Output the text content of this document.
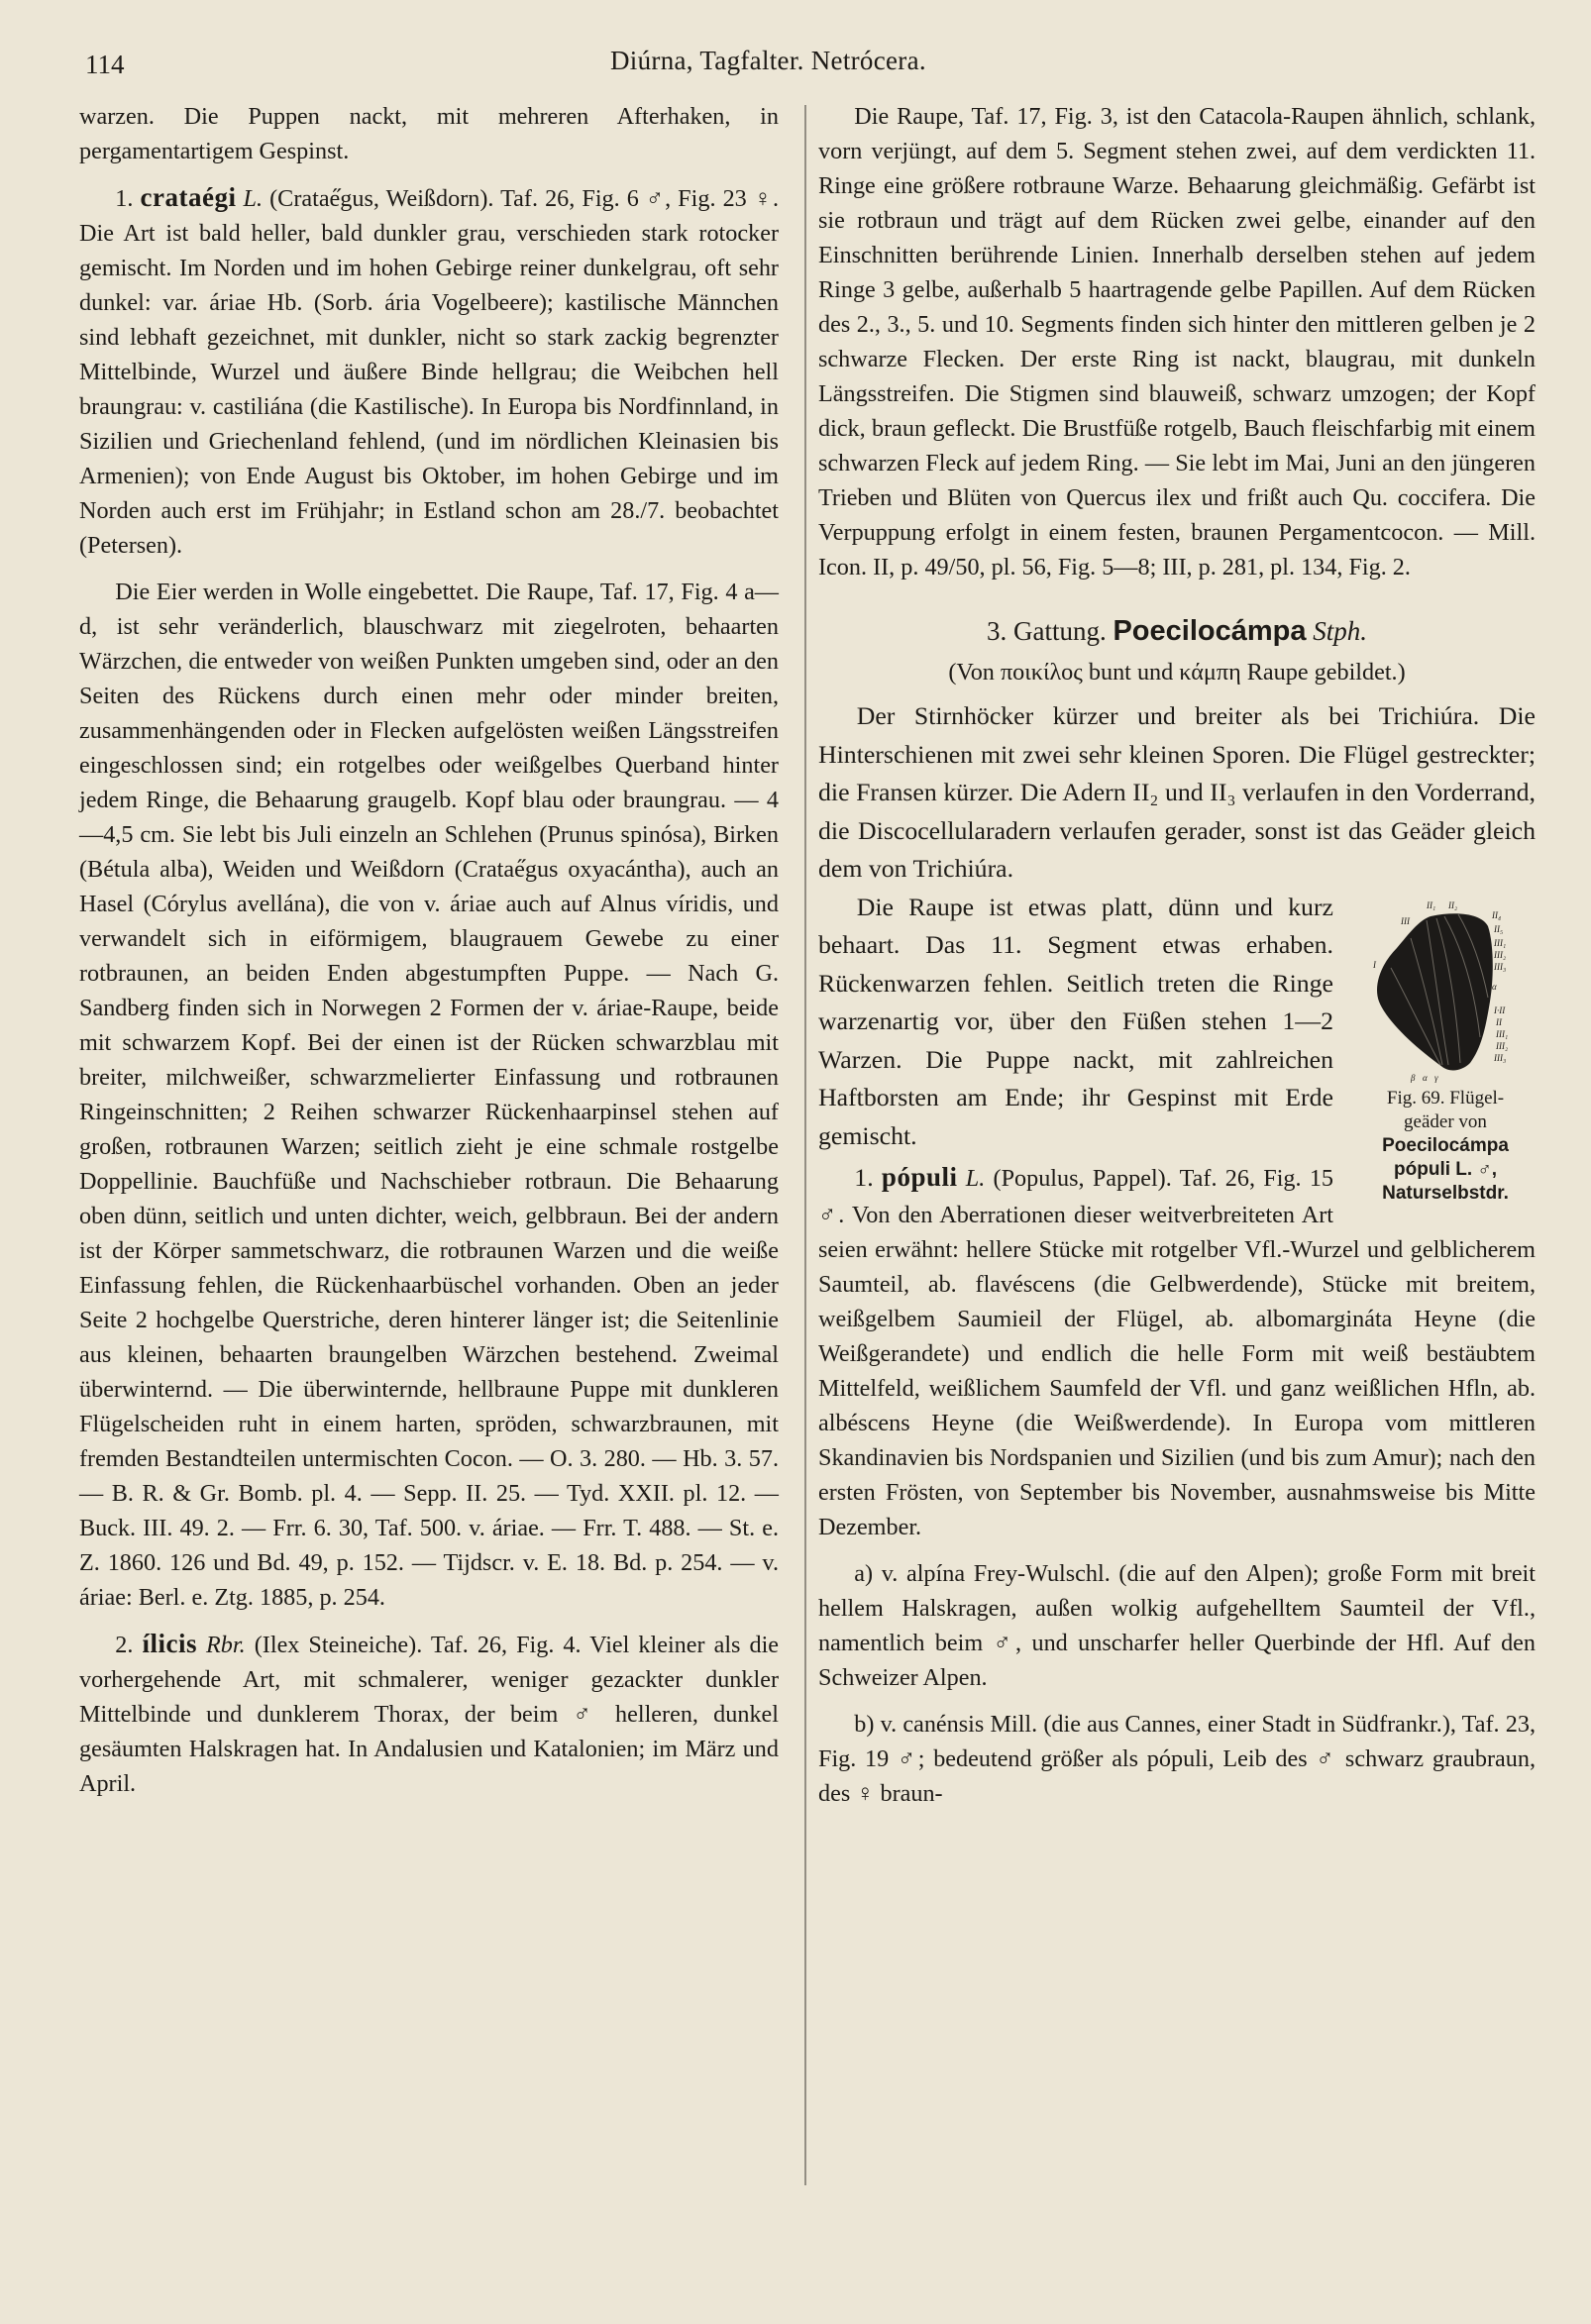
114	Diúrna, Tagfalter. Netrócera.

warzen. Die Puppen nackt, mit mehreren Afterhaken, in pergamentartigem Gespinst.

1. crataégi L. (Cratae̋gus, Weißdorn). Taf. 26, Fig. 6 ♂, Fig. 23 ♀. Die Art ist bald heller, bald dunkler grau, verschieden stark rotocker gemischt. Im Norden und im hohen Gebirge reiner dunkelgrau, oft sehr dunkel: var. áriae Hb. (Sorb. ária Vogelbeere); kastilische Männchen sind lebhaft gezeichnet, mit dunkler, nicht so stark zackig begrenzter Mittelbinde, Wurzel und äußere Binde hellgrau; die Weibchen hell braungrau: v. castiliána (die Kastilische). In Europa bis Nordfinnland, in Sizilien und Griechenland fehlend, (und im nördlichen Kleinasien bis Armenien); von Ende August bis Oktober, im hohen Gebirge und im Norden auch erst im Frühjahr; in Estland schon am 28./7. beobachtet (Petersen).

Die Eier werden in Wolle eingebettet. Die Raupe, Taf. 17, Fig. 4 a—d, ist sehr veränderlich, blauschwarz mit ziegelroten, behaarten Wärzchen, die entweder von weißen Punkten umgeben sind, oder an den Seiten des Rückens durch einen mehr oder minder breiten, zusammenhängenden oder in Flecken aufgelösten weißen Längsstreifen eingeschlossen sind; ein rotgelbes oder weißgelbes Querband hinter jedem Ringe, die Behaarung graugelb. Kopf blau oder braungrau. — 4—4,5 cm. Sie lebt bis Juli einzeln an Schlehen (Prunus spinósa), Birken (Bétula alba), Weiden und Weißdorn (Cratae̋gus oxyacántha), auch an Hasel (Córylus avellána), die von v. áriae auch auf Alnus víridis, und verwandelt sich in eiförmigem, blaugrauem Gewebe zu einer rotbraunen, an beiden Enden abgestumpften Puppe. — Nach G. Sandberg finden sich in Norwegen 2 Formen der v. áriae-Raupe, beide mit schwarzem Kopf. Bei der einen ist der Rücken schwarzblau mit breiter, milchweißer, schwarzmelierter Einfassung und rotbraunen Ringeinschnitten; 2 Reihen schwarzer Rückenhaarpinsel stehen auf großen, rotbraunen Warzen; seitlich zieht je eine schmale rostgelbe Doppellinie. Bauchfüße und Nachschieber rotbraun. Die Behaarung oben dünn, seitlich und unten dichter, weich, gelbbraun. Bei der andern ist der Körper sammetschwarz, die rotbraunen Warzen und die weiße Einfassung fehlen, die Rückenhaarbüschel vorhanden. Oben an jeder Seite 2 hochgelbe Querstriche, deren hinterer länger ist; die Seitenlinie aus kleinen, behaarten braungelben Wärzchen bestehend. Zweimal überwinternd. — Die überwinternde, hellbraune Puppe mit dunkleren Flügelscheiden ruht in einem harten, spröden, schwarzbraunen, mit fremden Bestandteilen untermischten Cocon. — O. 3. 280. — Hb. 3. 57. — B. R. & Gr. Bomb. pl. 4. — Sepp. II. 25. — Tyd. XXII. pl. 12. — Buck. III. 49. 2. — Frr. 6. 30, Taf. 500. v. áriae. — Frr. T. 488. — St. e. Z. 1860. 126 und Bd. 49, p. 152. — Tijdscr. v. E. 18. Bd. p. 254. — v. áriae: Berl. e. Ztg. 1885, p. 254.

2. ílicis Rbr. (Ilex Steineiche). Taf. 26, Fig. 4. Viel kleiner als die vorhergehende Art, mit schmalerer, weniger gezackter dunkler Mittelbinde und dunklerem Thorax, der beim ♂ helleren, dunkel gesäumten Halskragen hat. In Andalusien und Katalonien; im März und April.

Die Raupe, Taf. 17, Fig. 3, ist den Catacola-Raupen ähnlich, schlank, vorn verjüngt, auf dem 5. Segment stehen zwei, auf dem verdickten 11. Ringe eine größere rotbraune Warze. Behaarung gleichmäßig. Gefärbt ist sie rotbraun und trägt auf dem Rücken zwei gelbe, einander auf den Einschnitten berührende Linien. Innerhalb derselben stehen auf jedem Ringe 3 gelbe, außerhalb 5 haartragende gelbe Papillen. Auf dem Rücken des 2., 3., 5. und 10. Segments finden sich hinter den mittleren gelben je 2 schwarze Flecken. Der erste Ring ist nackt, blaugrau, mit dunkeln Längsstreifen. Die Stigmen sind blauweiß, schwarz umzogen; der Kopf dick, braun gefleckt. Die Brustfüße rotgelb, Bauch fleischfarbig mit einem schwarzen Fleck auf jedem Ring. — Sie lebt im Mai, Juni an den jüngeren Trieben und Blüten von Quercus ilex und frißt auch Qu. coccifera. Die Verpuppung erfolgt in einem festen, braunen Pergamentcocon. — Mill. Icon. II, p. 49/50, pl. 56, Fig. 5—8; III, p. 281, pl. 134, Fig. 2.

3. Gattung. Poecilocámpa Stph.

(Von ποικίλος bunt und κάμπη Raupe gebildet.)

Der Stirnhöcker kürzer und breiter als bei Trichiúra. Die Hinterschienen mit zwei sehr kleinen Sporen. Die Flügel gestreckter; die Fransen kürzer. Die Adern II₂ und II₃ verlaufen in den Vorderrand, die Discocellularadern verlaufen gerader, sonst ist das Geäder gleich dem von Trichiúra.

II₁ II₂
III
II₄
II₅
III₁
III₂
III₃
I
α
I·II
II
III₁
III₂
III₃
β α γ
Fig. 69. Flügel-
geäder von
Poecilocámpa
pópuli L. ♂,
Naturselbstdr.

Die Raupe ist etwas platt, dünn und kurz behaart. Das 11. Segment etwas erhaben. Rückenwarzen fehlen. Seitlich treten die Ringe warzenartig vor, über den Füßen stehen 1—2 Warzen. Die Puppe nackt, mit zahlreichen Haftborsten am Ende; ihr Gespinst mit Erde gemischt.

1. pópuli L. (Populus, Pappel). Taf. 26, Fig. 15 ♂. Von den Aberrationen dieser weitverbreiteten Art seien erwähnt: hellere Stücke mit rotgelber Vfl.-Wurzel und gelblicherem Saumteil, ab. flavéscens (die Gelbwerdende), Stücke mit breitem, weißgelbem Saumieil der Flügel, ab. albomargináta Heyne (die Weißgerandete) und endlich die helle Form mit weiß bestäubtem Mittelfeld, weißlichem Saumfeld der Vfl. und ganz weißlichen Hfln, ab. albéscens Heyne (die Weißwerdende). In Europa vom mittleren Skandinavien bis Nordspanien und Sizilien (und bis zum Amur); nach den ersten Frösten, von September bis November, ausnahmsweise bis Mitte Dezember.

a) v. alpína Frey-Wulschl. (die auf den Alpen); große Form mit breit hellem Halskragen, außen wolkig aufgehelltem Saumteil der Vfl., namentlich beim ♂, und unscharfer heller Querbinde der Hfl. Auf den Schweizer Alpen.

b) v. canénsis Mill. (die aus Cannes, einer Stadt in Südfrankr.), Taf. 23, Fig. 19 ♂; bedeutend größer als pópuli, Leib des ♂ schwarz graubraun, des ♀ braun-
